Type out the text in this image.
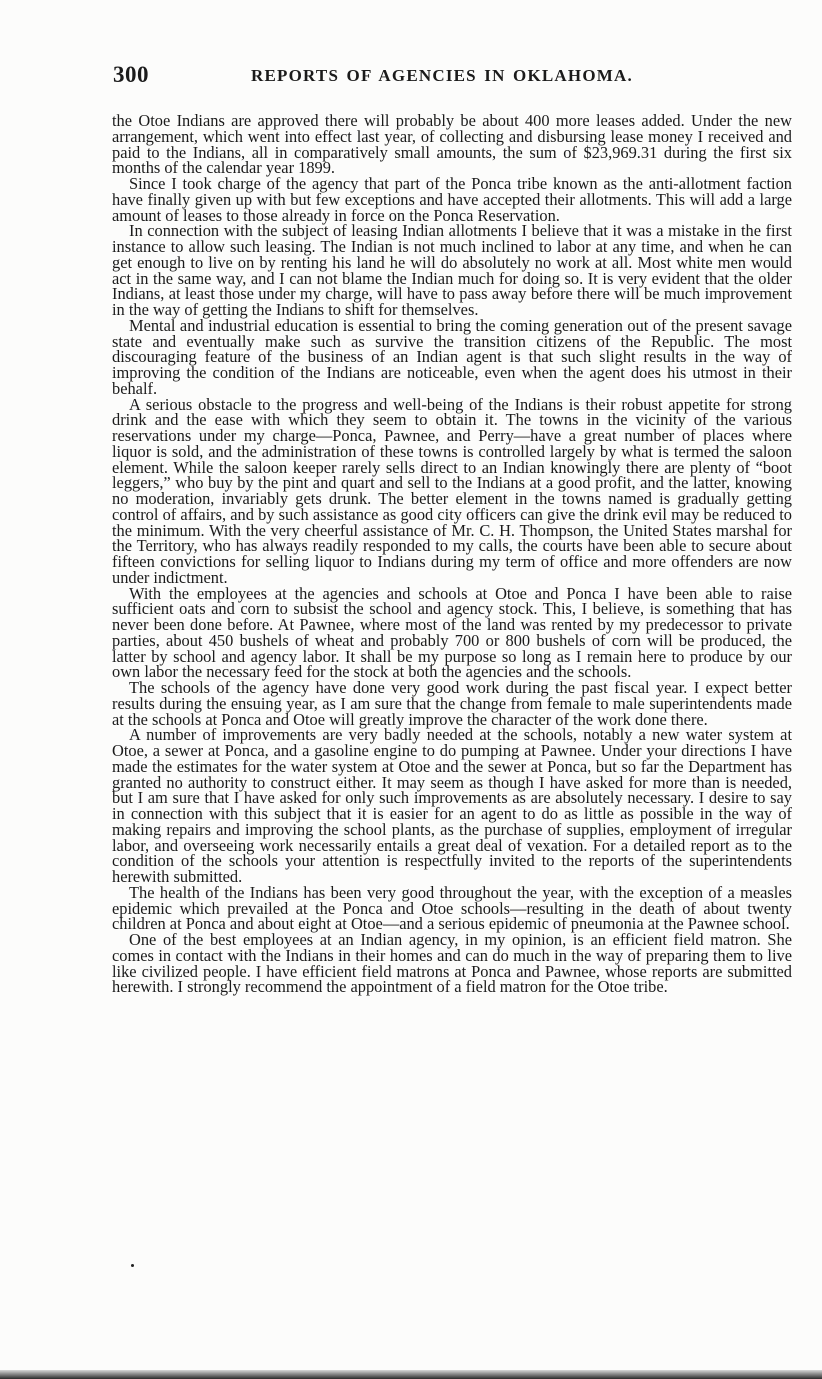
300	REPORTS OF AGENCIES IN OKLAHOMA.

the Otoe Indians are approved there will probably be about 400 more leases added. Under the new arrangement, which went into effect last year, of collecting and disbursing lease money I received and paid to the Indians, all in comparatively small amounts, the sum of $23,969.31 during the first six months of the calendar year 1899.

Since I took charge of the agency that part of the Ponca tribe known as the anti-allotment faction have finally given up with but few exceptions and have accepted their allotments. This will add a large amount of leases to those already in force on the Ponca Reservation.

In connection with the subject of leasing Indian allotments I believe that it was a mistake in the first instance to allow such leasing. The Indian is not much inclined to labor at any time, and when he can get enough to live on by renting his land he will do absolutely no work at all. Most white men would act in the same way, and I can not blame the Indian much for doing so. It is very evident that the older Indians, at least those under my charge, will have to pass away before there will be much improvement in the way of getting the Indians to shift for themselves.

Mental and industrial education is essential to bring the coming generation out of the present savage state and eventually make such as survive the transition citizens of the Republic. The most discouraging feature of the business of an Indian agent is that such slight results in the way of improving the condition of the Indians are noticeable, even when the agent does his utmost in their behalf.

A serious obstacle to the progress and well-being of the Indians is their robust appetite for strong drink and the ease with which they seem to obtain it. The towns in the vicinity of the various reservations under my charge—Ponca, Pawnee, and Perry—have a great number of places where liquor is sold, and the administration of these towns is controlled largely by what is termed the saloon element. While the saloon keeper rarely sells direct to an Indian knowingly there are plenty of “boot leggers,” who buy by the pint and quart and sell to the Indians at a good profit, and the latter, knowing no moderation, invariably gets drunk. The better element in the towns named is gradually getting control of affairs, and by such assistance as good city officers can give the drink evil may be reduced to the minimum. With the very cheerful assistance of Mr. C. H. Thompson, the United States marshal for the Territory, who has always readily responded to my calls, the courts have been able to secure about fifteen convictions for selling liquor to Indians during my term of office and more offenders are now under indictment.

With the employees at the agencies and schools at Otoe and Ponca I have been able to raise sufficient oats and corn to subsist the school and agency stock. This, I believe, is something that has never been done before. At Pawnee, where most of the land was rented by my predecessor to private parties, about 450 bushels of wheat and probably 700 or 800 bushels of corn will be produced, the latter by school and agency labor. It shall be my purpose so long as I remain here to produce by our own labor the necessary feed for the stock at both the agencies and the schools.

The schools of the agency have done very good work during the past fiscal year. I expect better results during the ensuing year, as I am sure that the change from female to male superintendents made at the schools at Ponca and Otoe will greatly improve the character of the work done there.

A number of improvements are very badly needed at the schools, notably a new water system at Otoe, a sewer at Ponca, and a gasoline engine to do pumping at Pawnee. Under your directions I have made the estimates for the water system at Otoe and the sewer at Ponca, but so far the Department has granted no authority to construct either. It may seem as though I have asked for more than is needed, but I am sure that I have asked for only such improvements as are absolutely necessary. I desire to say in connection with this subject that it is easier for an agent to do as little as possible in the way of making repairs and improving the school plants, as the purchase of supplies, employment of irregular labor, and overseeing work necessarily entails a great deal of vexation. For a detailed report as to the condition of the schools your attention is respectfully invited to the reports of the superintendents herewith submitted.

The health of the Indians has been very good throughout the year, with the exception of a measles epidemic which prevailed at the Ponca and Otoe schools—resulting in the death of about twenty children at Ponca and about eight at Otoe—and a serious epidemic of pneumonia at the Pawnee school.

One of the best employees at an Indian agency, in my opinion, is an efficient field matron. She comes in contact with the Indians in their homes and can do much in the way of preparing them to live like civilized people. I have efficient field matrons at Ponca and Pawnee, whose reports are submitted herewith. I strongly recommend the appointment of a field matron for the Otoe tribe.
